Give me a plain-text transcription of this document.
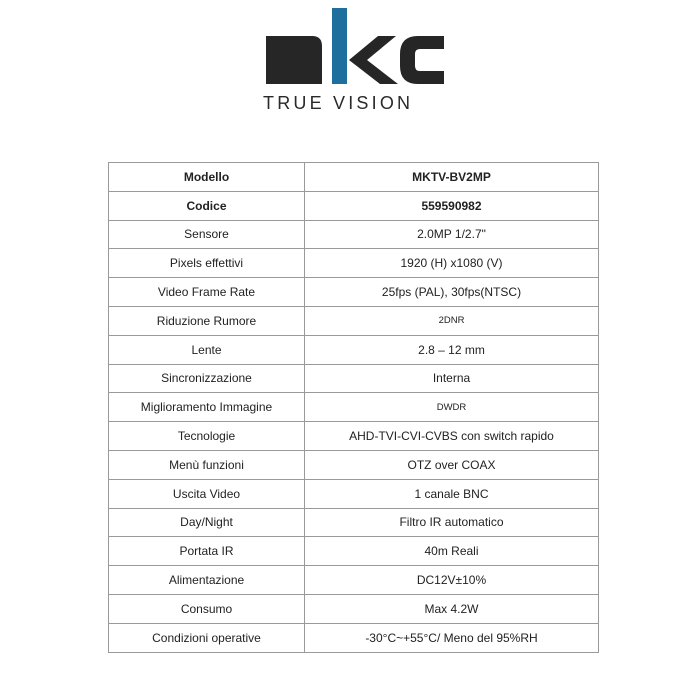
TRUE VISION
Modello	MKTV-BV2MP
Codice	559590982
Sensore	2.0MP 1/2.7"
Pixels effettivi	1920 (H) x1080 (V)
Video Frame Rate	25fps (PAL), 30fps(NTSC)
Riduzione Rumore	2DNR
Lente	2.8 – 12 mm
Sincronizzazione	Interna
Miglioramento Immagine	DWDR
Tecnologie	AHD-TVI-CVI-CVBS con switch rapido
Menù funzioni	OTZ over COAX
Uscita Video	1 canale BNC
Day/Night	Filtro IR automatico
Portata IR	40m Reali
Alimentazione	DC12V±10%
Consumo	Max 4.2W
Condizioni operative	-30°C~+55°C/ Meno del 95%RH
